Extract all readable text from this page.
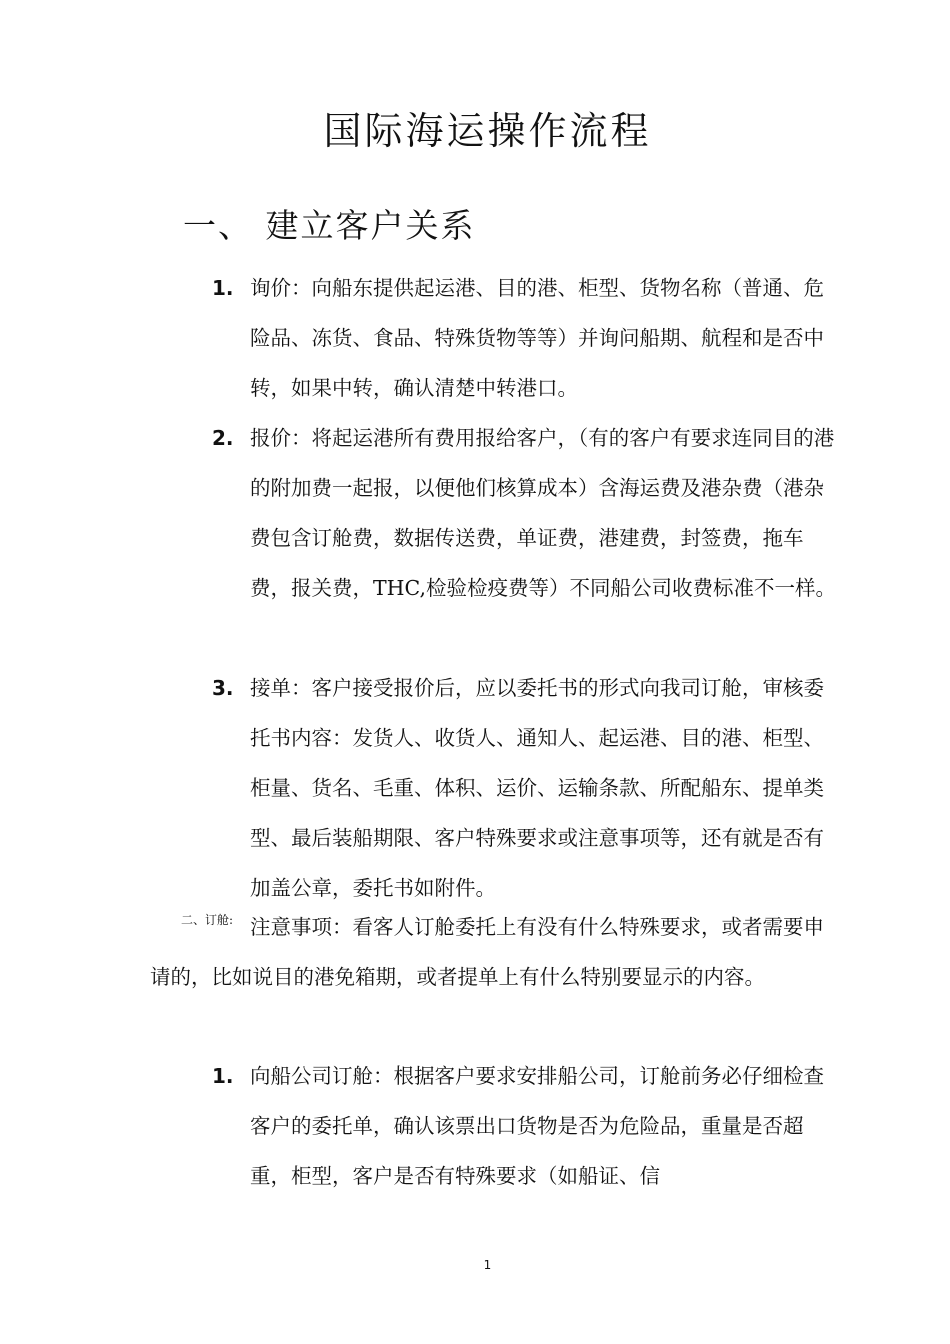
国际海运操作流程
一、 建立客户关系
1. 询价：向船东提供起运港、目的港、柜型、货物名称（普通、危险品、冻货、食品、特殊货物等等）并询问船期、航程和是否中转，如果中转，确认清楚中转港口。
2. 报价：将起运港所有费用报给客户，（有的客户有要求连同目的港的附加费一起报，以便他们核算成本）含海运费及港杂费（港杂费包含订舱费，数据传送费，单证费，港建费，封签费，拖车费，报关费，THC,检验检疫费等）不同船公司收费标准不一样。
3. 接单：客户接受报价后，应以委托书的形式向我司订舱，审核委托书内容：发货人、收货人、通知人、起运港、目的港、柜型、柜量、货名、毛重、体积、运价、运输条款、所配船东、提单类型、最后装船期限、客户特殊要求或注意事项等，还有就是否有加盖公章，委托书如附件。
二、订舱: 注意事项：看客人订舱委托上有没有什么特殊要求，或者需要申请的，比如说目的港免箱期，或者提单上有什么特别要显示的内容。
1. 向船公司订舱：根据客户要求安排船公司，订舱前务必仔细检查客户的委托单，确认该票出口货物是否为危险品，重量是否超重，柜型，客户是否有特殊要求（如船证、信
1
